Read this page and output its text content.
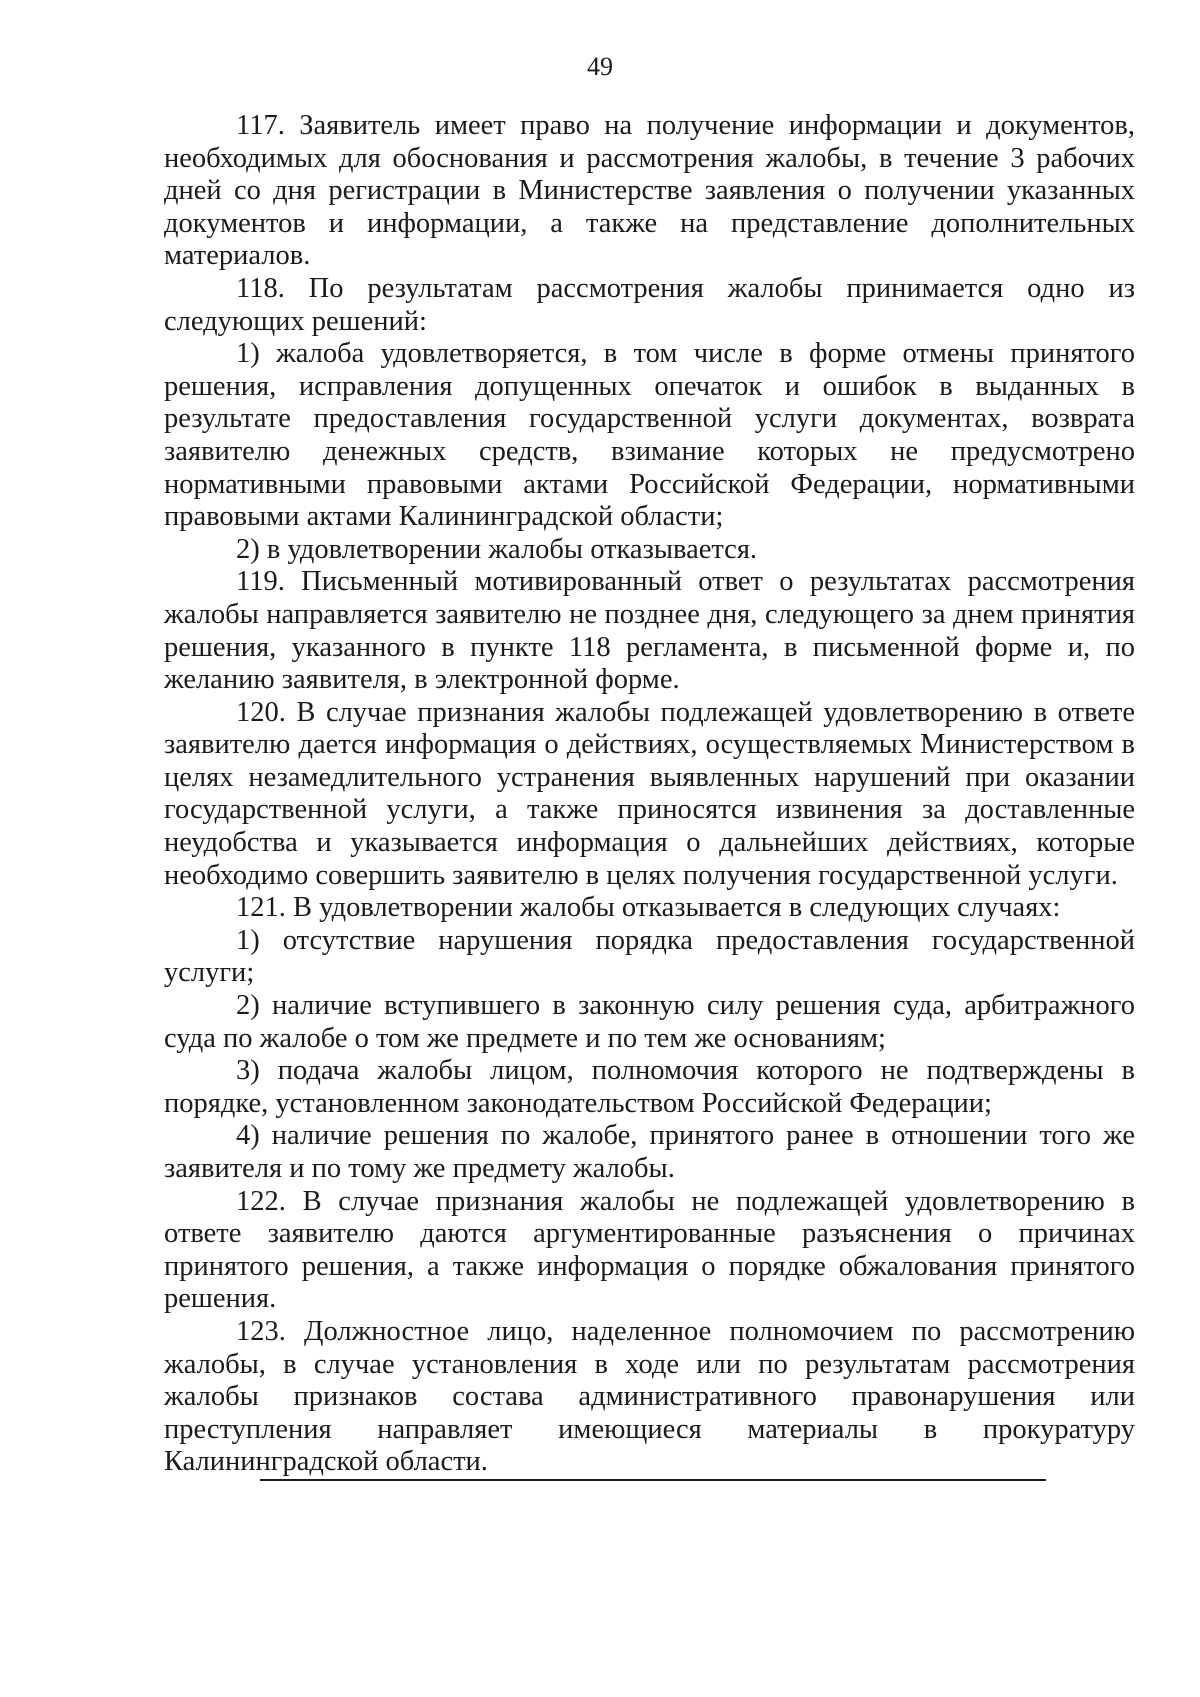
49

117. Заявитель имеет право на получение информации и документов, необходимых для обоснования и рассмотрения жалобы, в течение 3 рабочих дней со дня регистрации в Министерстве заявления о получении указанных документов и информации, а также на представление дополнительных материалов.

118. По результатам рассмотрения жалобы принимается одно из следующих решений:

1) жалоба удовлетворяется, в том числе в форме отмены принятого решения, исправления допущенных опечаток и ошибок в выданных в результате предоставления государственной услуги документах, возврата заявителю денежных средств, взимание которых не предусмотрено нормативными правовыми актами Российской Федерации, нормативными правовыми актами Калининградской области;

2) в удовлетворении жалобы отказывается.

119. Письменный мотивированный ответ о результатах рассмотрения жалобы направляется заявителю не позднее дня, следующего за днем принятия решения, указанного в пункте 118 регламента, в письменной форме и, по желанию заявителя, в электронной форме.

120. В случае признания жалобы подлежащей удовлетворению в ответе заявителю дается информация о действиях, осуществляемых Министерством в целях незамедлительного устранения выявленных нарушений при оказании государственной услуги, а также приносятся извинения за доставленные неудобства и указывается информация о дальнейших действиях, которые необходимо совершить заявителю в целях получения государственной услуги.

121. В удовлетворении жалобы отказывается в следующих случаях:

1) отсутствие нарушения порядка предоставления государственной услуги;

2) наличие вступившего в законную силу решения суда, арбитражного суда по жалобе о том же предмете и по тем же основаниям;

3) подача жалобы лицом, полномочия которого не подтверждены в порядке, установленном законодательством Российской Федерации;

4) наличие решения по жалобе, принятого ранее в отношении того же заявителя и по тому же предмету жалобы.

122. В случае признания жалобы не подлежащей удовлетворению в ответе заявителю даются аргументированные разъяснения о причинах принятого решения, а также информация о порядке обжалования принятого решения.

123. Должностное лицо, наделенное полномочием по рассмотрению жалобы, в случае установления в ходе или по результатам рассмотрения жалобы признаков состава административного правонарушения или преступления направляет имеющиеся материалы в прокуратуру Калининградской области.
